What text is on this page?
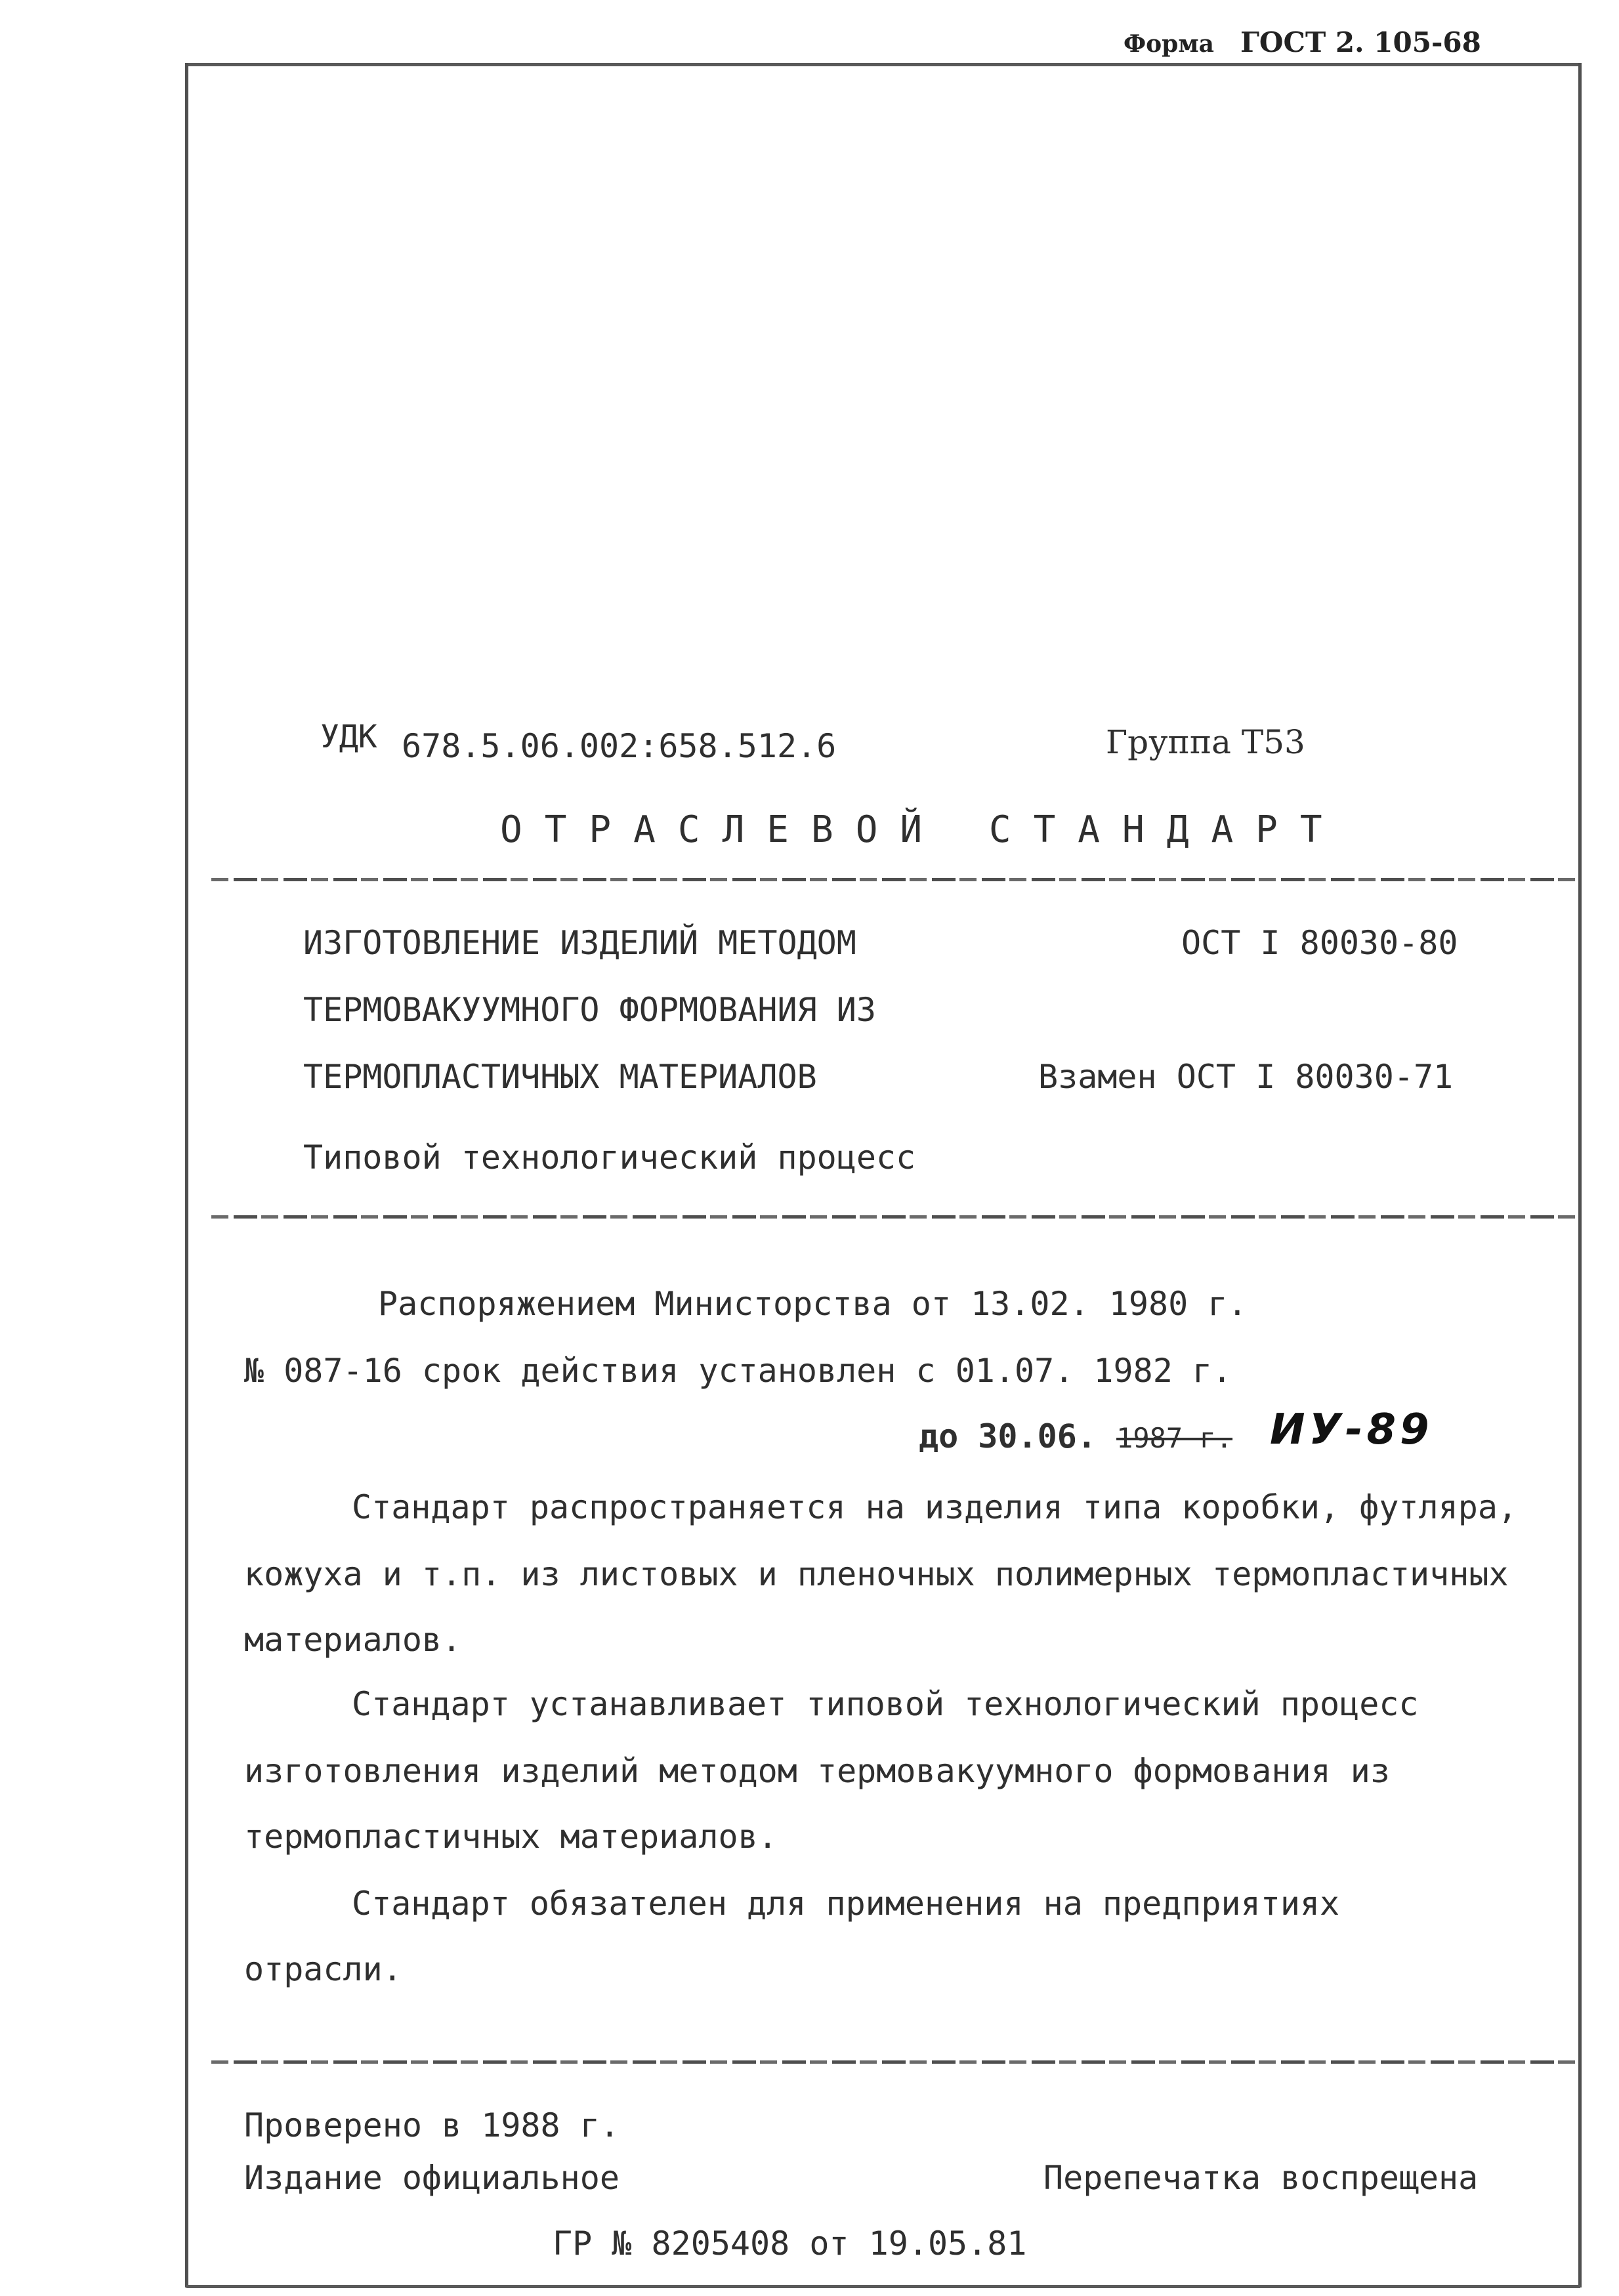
Форма ГОСТ 2. 105-68
УДК 678.5.06.002:658.512.6	Группа Т53
ОТРАСЛЕВОЙ СТАНДАРТ
ИЗГОТОВЛЕНИЕ ИЗДЕЛИЙ МЕТОДОМ
ТЕРМОВАКУУМНОГО ФОРМОВАНИЯ ИЗ
ТЕРМОПЛАСТИЧНЫХ МАТЕРИАЛОВ
Типовой технологический процесс
ОСТ I 80030-80
Взамен ОСТ I 80030-71
Распоряжением Министорства от 13.02. 1980 г.
№ 087-16 срок действия установлен с 01.07. 1982 г.
до 30.06. 1987 г. ИУ-89
Стандарт распространяется на изделия типа коробки, футляра,
кожуха и т.п. из листовых и пленочных полимерных термопластичных
материалов.
Стандарт устанавливает типовой технологический процесс
изготовления изделий методом термовакуумного формования из
термопластичных материалов.
Стандарт обязателен для применения на предприятиях
отрасли.
Проверено в 1988 г.
Издание официальное	Перепечатка воспрещена
ГР № 8205408 от 19.05.81
